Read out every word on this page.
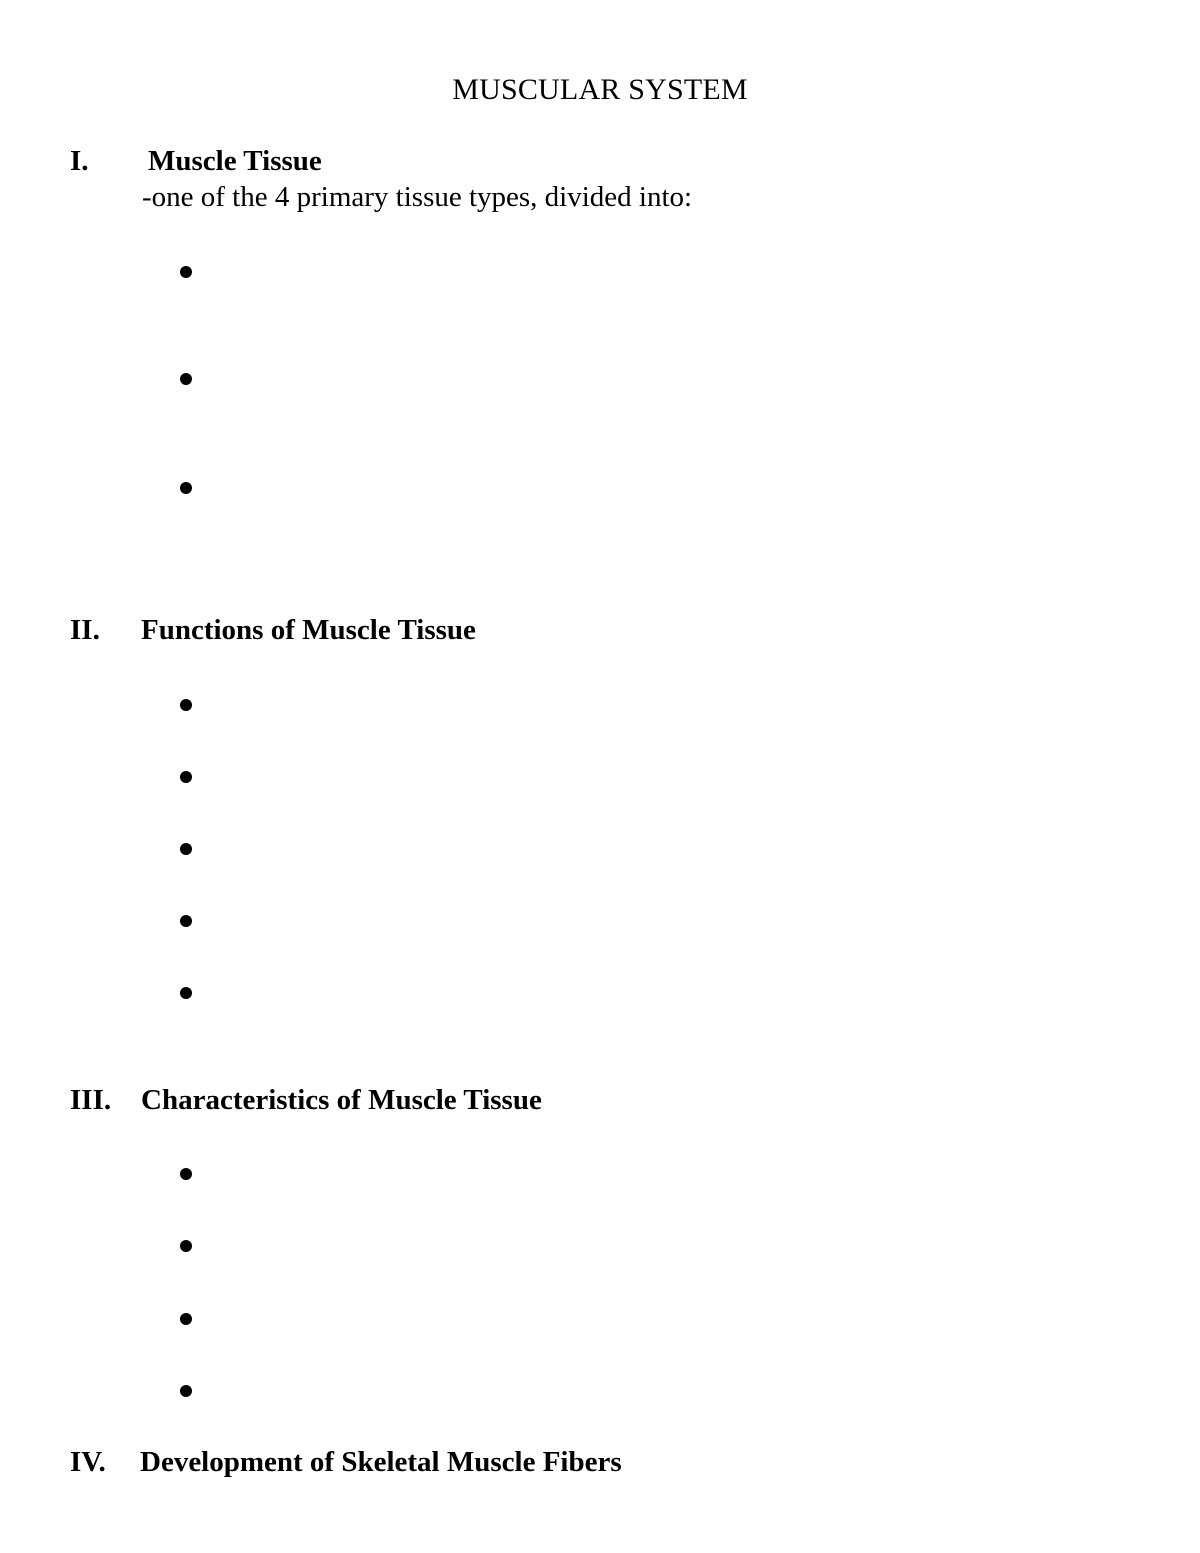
MUSCULAR SYSTEM
I. Muscle Tissue
-one of the 4 primary tissue types, divided into:
II. Functions of Muscle Tissue
III. Characteristics of Muscle Tissue
IV. Development of Skeletal Muscle Fibers
